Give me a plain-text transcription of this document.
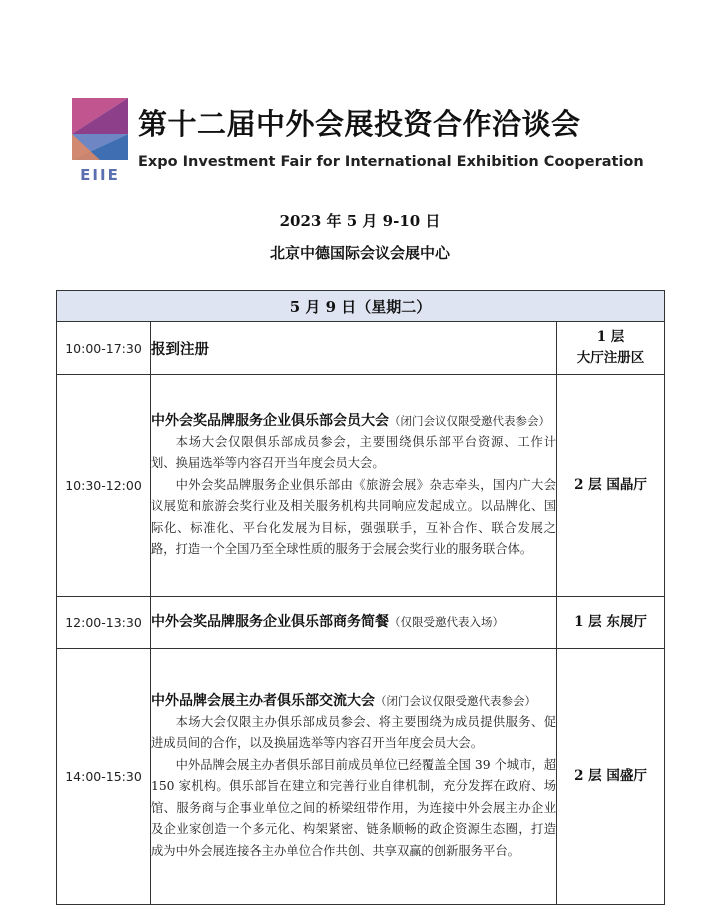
EIIE
第十二届中外会展投资合作洽谈会
Expo Investment Fair for International Exhibition Cooperation
2023 年 5 月 9-10 日
北京中德国际会议会展中心
5 月 9 日（星期二）		
10:00-17:30	报到注册	1 层
大厅注册区

10:30-12:00	中外会奖品牌服务企业俱乐部会员大会（闭门会议仅限受邀代表参会）

本场大会仅限俱乐部成员参会，主要围绕俱乐部平台资源、工作计划、换届选举等内容召开当年度会员大会。

中外会奖品牌服务企业俱乐部由《旅游会展》杂志牵头，国内广大会议展览和旅游会奖行业及相关服务机构共同响应发起成立。以品牌化、国际化、标准化、平台化发展为目标，强强联手，互补合作、联合发展之路，打造一个全国乃至全球性质的服务于会展会奖行业的服务联合体。	2 层 国晶厅
12:00-13:30	中外会奖品牌服务企业俱乐部商务简餐（仅限受邀代表入场）	1 层 东展厅
14:00-15:30	中外品牌会展主办者俱乐部交流大会（闭门会议仅限受邀代表参会）

本场大会仅限主办俱乐部成员参会、将主要围绕为成员提供服务、促进成员间的合作，以及换届选举等内容召开当年度会员大会。

中外品牌会展主办者俱乐部目前成员单位已经覆盖全国 39 个城市，超 150 家机构。俱乐部旨在建立和完善行业自律机制，充分发挥在政府、场馆、服务商与企事业单位之间的桥梁纽带作用，为连接中外会展主办企业及企业家创造一个多元化、构架紧密、链条顺畅的政企资源生态圈，打造成为中外会展连接各主办单位合作共创、共享双赢的创新服务平台。	2 层 国盛厅
